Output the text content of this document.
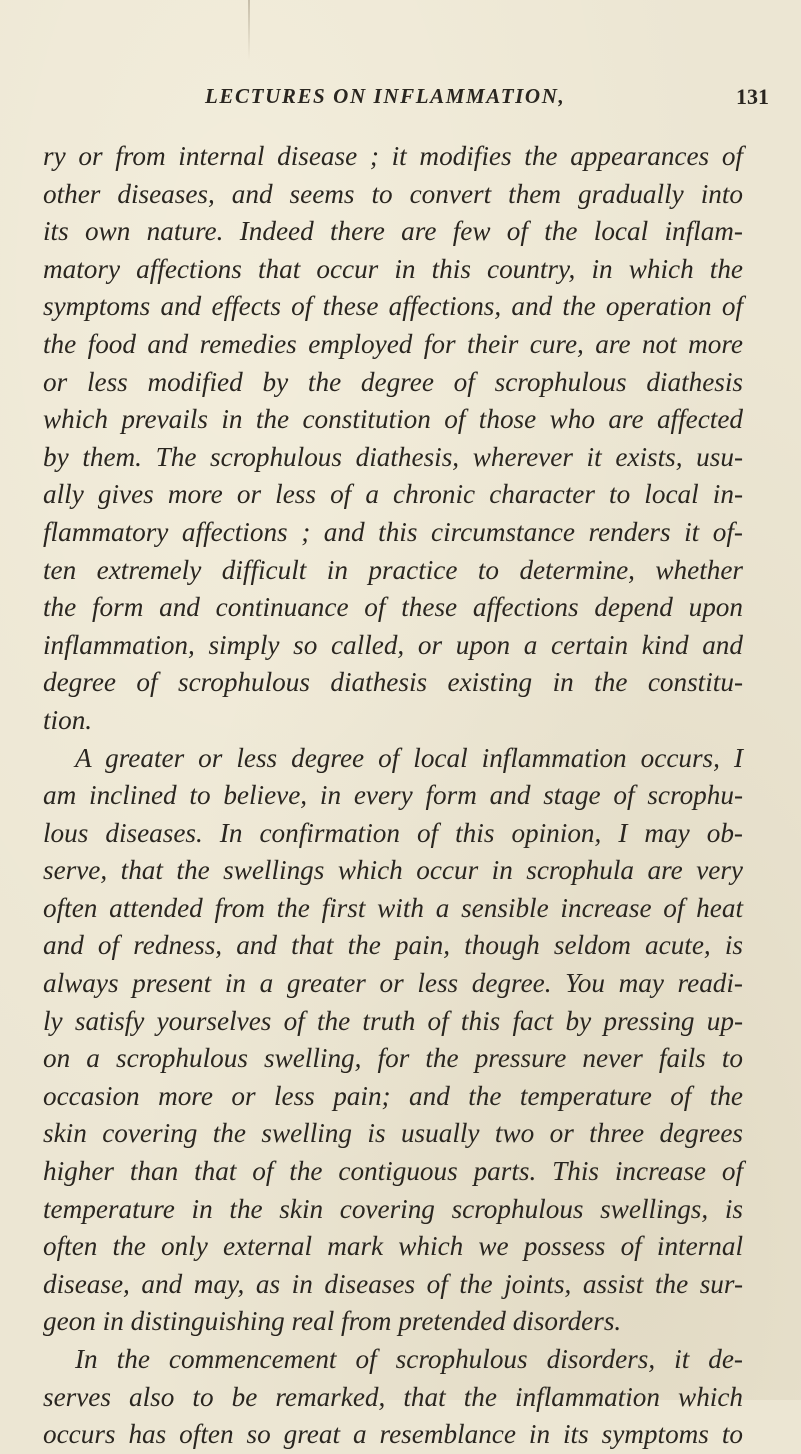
LECTURES ON INFLAMMATION,	131
ry or from internal disease ; it modifies the appearances of
other diseases, and seems to convert them gradually into
its own nature. Indeed there are few of the local inflam-
matory affections that occur in this country, in which the
symptoms and effects of these affections, and the operation of
the food and remedies employed for their cure, are not more
or less modified by the degree of scrophulous diathesis
which prevails in the constitution of those who are affected
by them. The scrophulous diathesis, wherever it exists, usu-
ally gives more or less of a chronic character to local in-
flammatory affections ; and this circumstance renders it of-
ten extremely difficult in practice to determine, whether
the form and continuance of these affections depend upon
inflammation, simply so called, or upon a certain kind and
degree of scrophulous diathesis existing in the constitu-
tion.
A greater or less degree of local inflammation occurs, I
am inclined to believe, in every form and stage of scrophu-
lous diseases. In confirmation of this opinion, I may ob-
serve, that the swellings which occur in scrophula are very
often attended from the first with a sensible increase of heat
and of redness, and that the pain, though seldom acute, is
always present in a greater or less degree. You may readi-
ly satisfy yourselves of the truth of this fact by pressing up-
on a scrophulous swelling, for the pressure never fails to
occasion more or less pain; and the temperature of the
skin covering the swelling is usually two or three degrees
higher than that of the contiguous parts. This increase of
temperature in the skin covering scrophulous swellings, is
often the only external mark which we possess of internal
disease, and may, as in diseases of the joints, assist the sur-
geon in distinguishing real from pretended disorders.
In the commencement of scrophulous disorders, it de-
serves also to be remarked, that the inflammation which
occurs has often so great a resemblance in its symptoms to
